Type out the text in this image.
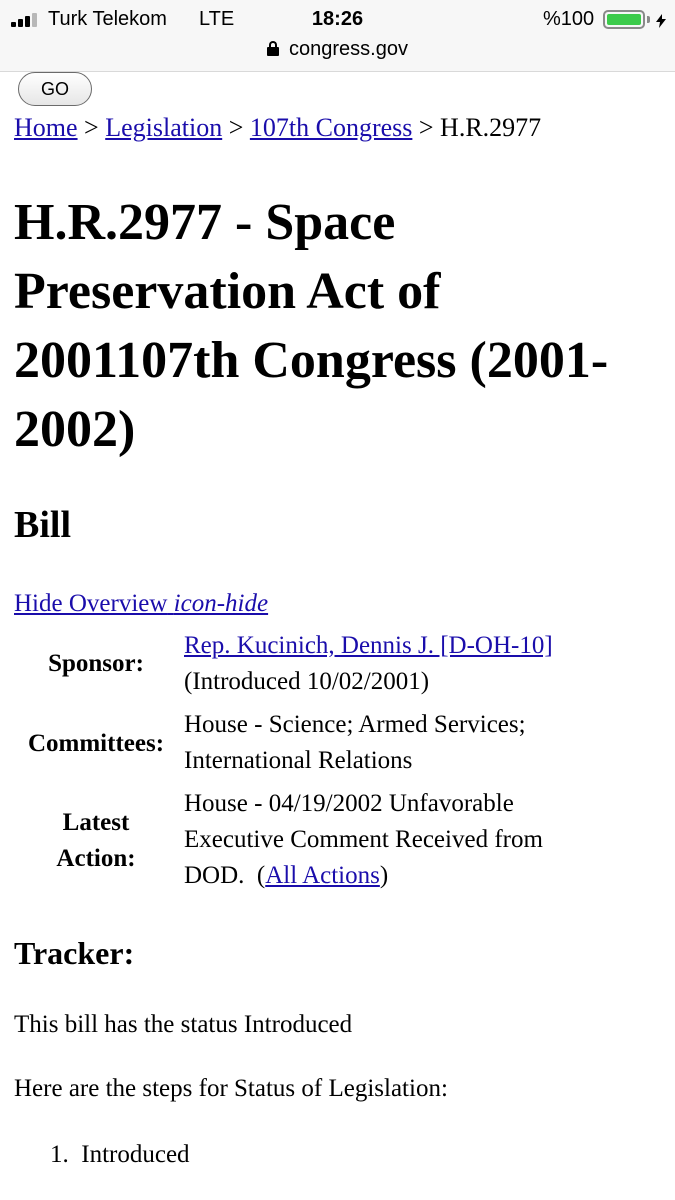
Turk Telekom LTE	18:26	%100
congress.gov
GO
Home > Legislation > 107th Congress > H.R.2977
H.R.2977 - Space Preservation Act of 2001107th Congress (2001-2002)
Bill
Hide Overview icon-hide
Sponsor:
Rep. Kucinich, Dennis J. [D-OH-10]
(Introduced 10/02/2001)
Committees:
House - Science; Armed Services;
International Relations
Latest
Action:
House - 04/19/2002 Unfavorable
Executive Comment Received from
DOD.  (All Actions)
Tracker:

This bill has the status Introduced

Here are the steps for Status of Legislation:

1. Introduced
